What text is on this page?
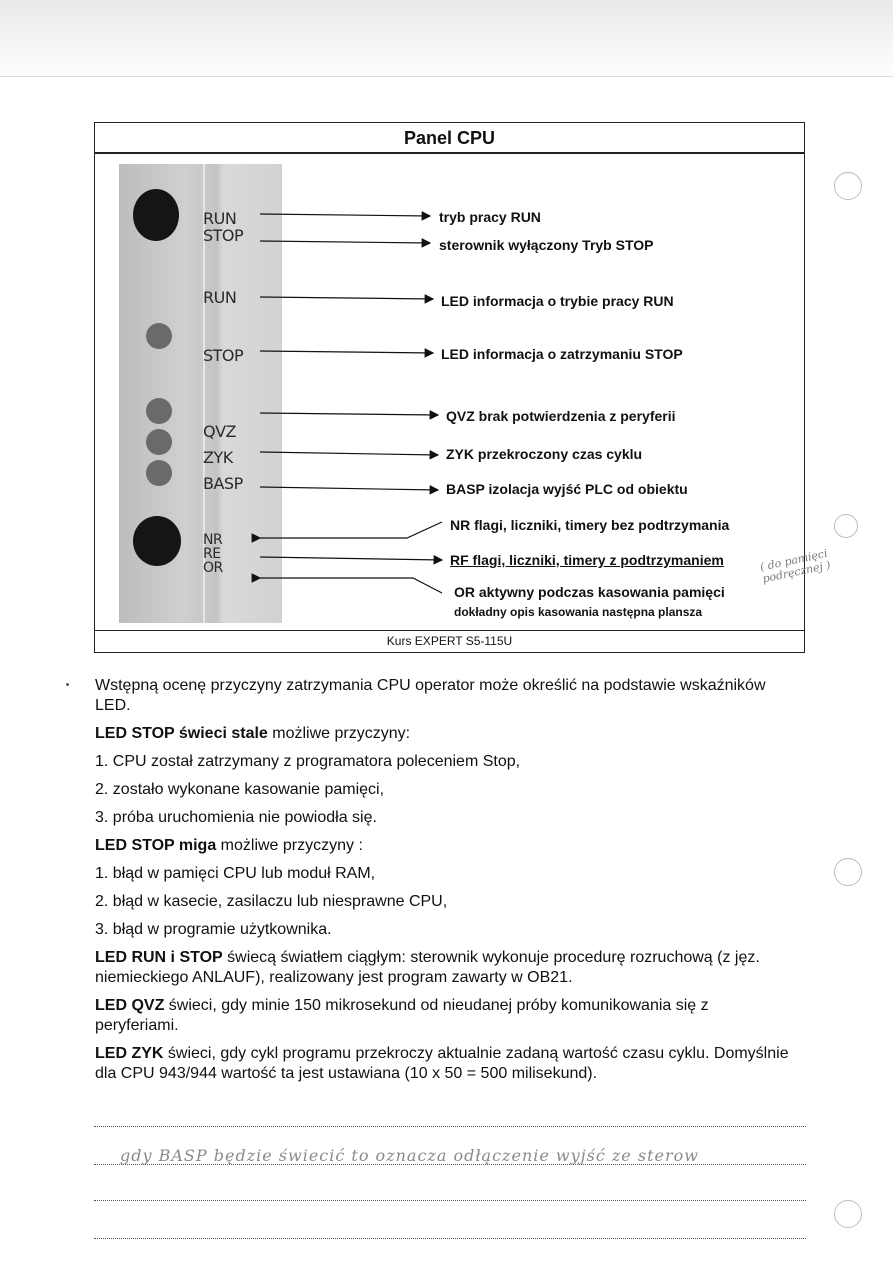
Panel CPU
RUN
STOP
RUN
STOP
QVZ
ZYK
BASP
NR
RE
OR
tryb pracy RUN
sterownik wyłączony Tryb STOP
LED informacja o trybie pracy RUN
LED informacja o zatrzymaniu STOP
QVZ brak potwierdzenia z peryferii
ZYK przekroczony czas cyklu
BASP izolacja wyjść PLC od obiektu
NR flagi, liczniki, timery bez podtrzymania
RF flagi, liczniki, timery z podtrzymaniem
OR aktywny podczas kasowania pamięci
dokładny opis kasowania następna plansza
Kurs EXPERT S5-115U
( do pamięci podręcznej )

Wstępną ocenę przyczyny zatrzymania CPU operator może określić na podstawie wskaźników LED.

LED STOP świeci stale możliwe przyczyny:

1. CPU został zatrzymany z programatora poleceniem Stop,

2. zostało wykonane kasowanie pamięci,

3. próba uruchomienia nie powiodła się.

LED STOP miga możliwe przyczyny :

1. błąd w pamięci CPU lub moduł RAM,

2. błąd w kasecie, zasilaczu lub niesprawne CPU,

3. błąd w programie użytkownika.

LED RUN i STOP świecą światłem ciągłym: sterownik wykonuje procedurę rozruchową (z jęz. niemieckiego ANLAUF), realizowany jest program zawarty w OB21.

LED QVZ świeci, gdy minie 150 mikrosekund od nieudanej próby komunikowania się z peryferiami.

LED ZYK świeci, gdy cykl programu przekroczy aktualnie zadaną wartość czasu cyklu. Domyślnie dla CPU 943/944 wartość ta jest ustawiana (10 x 50 = 500 milisekund).

gdy BASP będzie świecić to oznacza odłączenie wyjść ze sterow
